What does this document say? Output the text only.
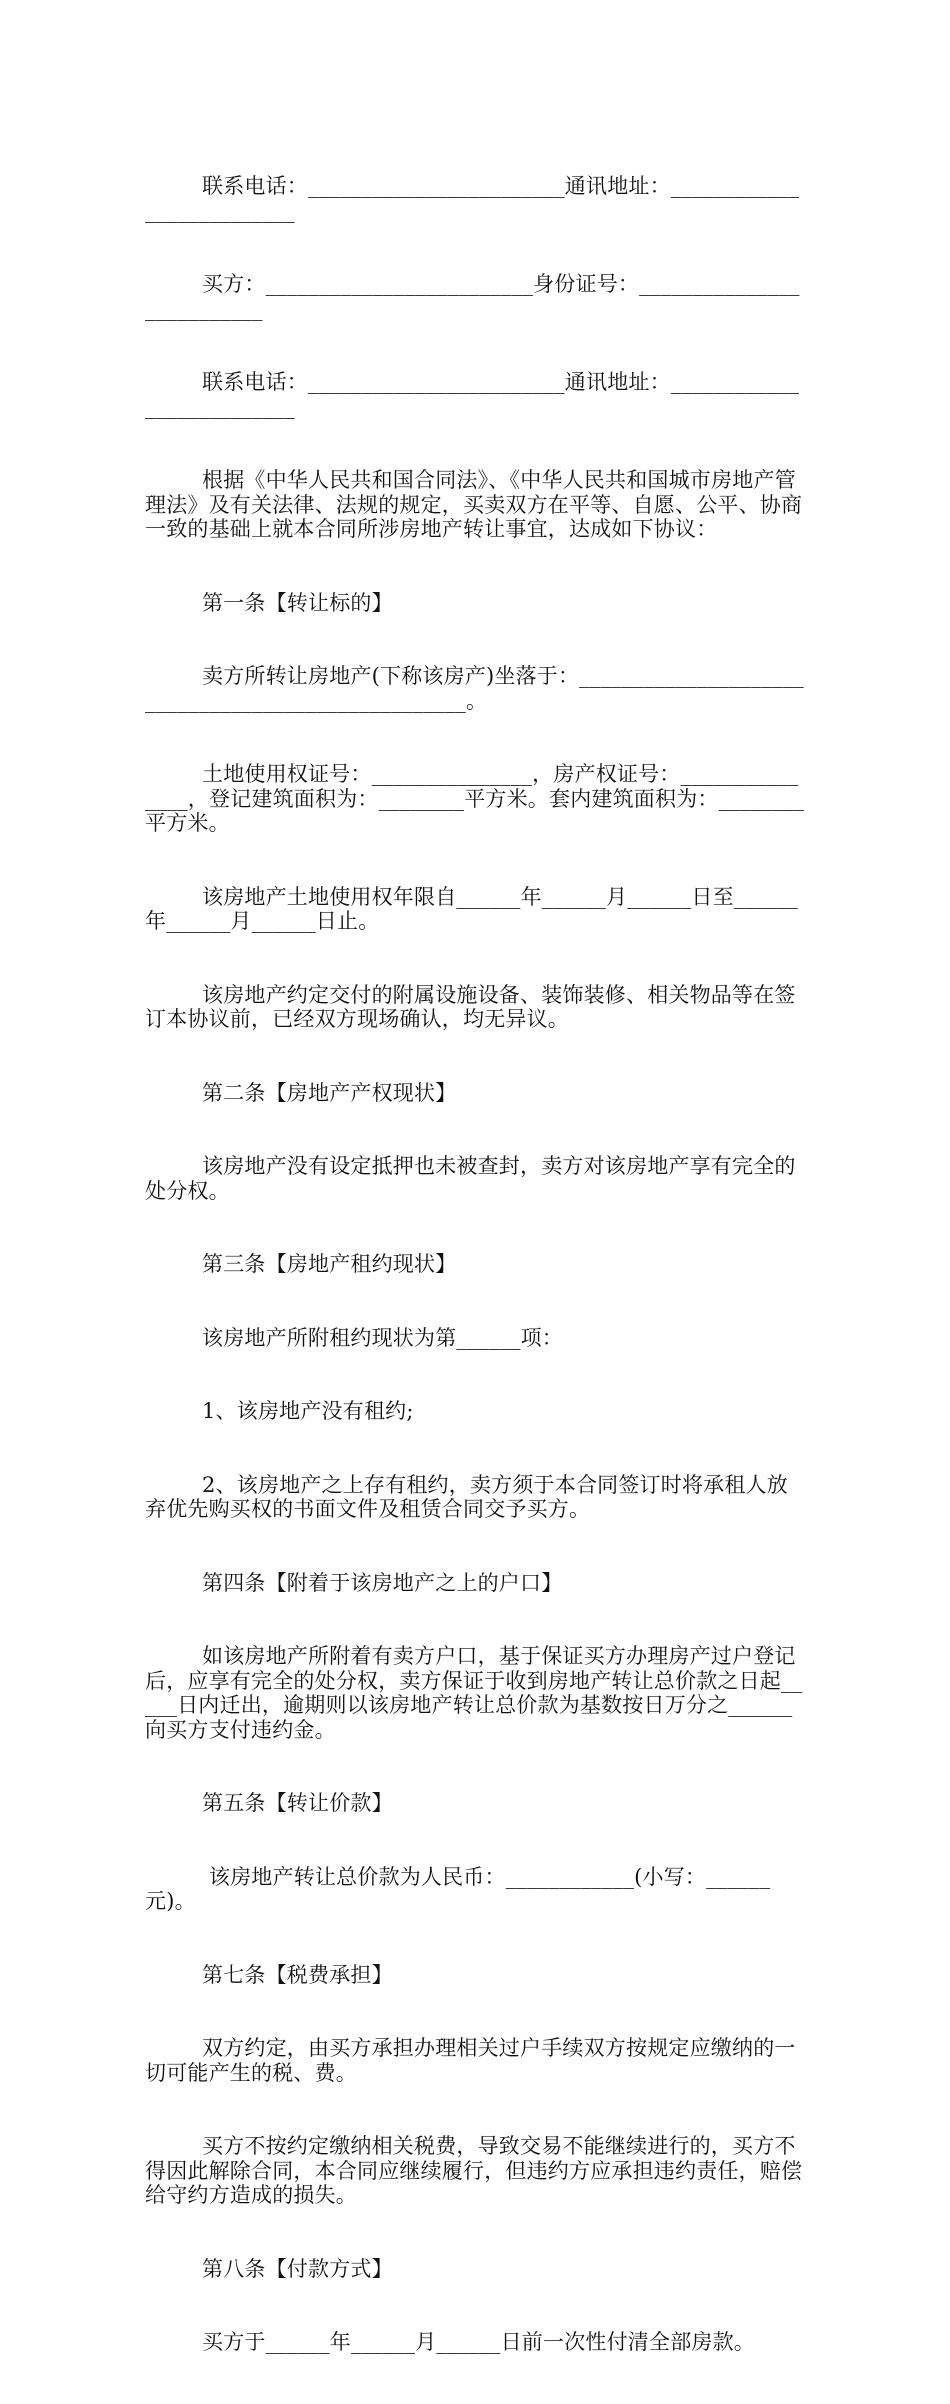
联系电话：________________________通讯地址：__________________________

买方：_________________________身份证号：__________________________

联系电话：________________________通讯地址：__________________________

根据《中华人民共和国合同法》、《中华人民共和国城市房地产管理法》及有关法律、法规的规定，买卖双方在平等、自愿、公平、协商一致的基础上就本合同所涉房地产转让事宜，达成如下协议：

第一条【转让标的】

卖方所转让房地产(下称该房产)坐落于：___________________________________________________。

土地使用权证号：_______________，房产权证号：_______________，登记建筑面积为：________平方米。套内建筑面积为：________平方米。

该房地产土地使用权年限自______年______月______日至______年______月______日止。

该房地产约定交付的附属设施设备、装饰装修、相关物品等在签订本协议前，已经双方现场确认，均无异议。

第二条【房地产产权现状】

该房地产没有设定抵押也未被查封，卖方对该房地产享有完全的处分权。

第三条【房地产租约现状】

该房地产所附租约现状为第______项：

1、该房地产没有租约;

2、该房地产之上存有租约，卖方须于本合同签订时将承租人放弃优先购买权的书面文件及租赁合同交予买方。

第四条【附着于该房地产之上的户口】

如该房地产所附着有卖方户口，基于保证买方办理房产过户登记后，应享有完全的处分权，卖方保证于收到房地产转让总价款之日起_____日内迁出，逾期则以该房地产转让总价款为基数按日万分之______向买方支付违约金。

第五条【转让价款】

该房地产转让总价款为人民币：____________(小写：______元)。

第七条【税费承担】

双方约定，由买方承担办理相关过户手续双方按规定应缴纳的一切可能产生的税、费。

买方不按约定缴纳相关税费，导致交易不能继续进行的，买方不得因此解除合同，本合同应继续履行，但违约方应承担违约责任，赔偿给守约方造成的损失。

第八条【付款方式】

买方于______年______月______日前一次性付清全部房款。
